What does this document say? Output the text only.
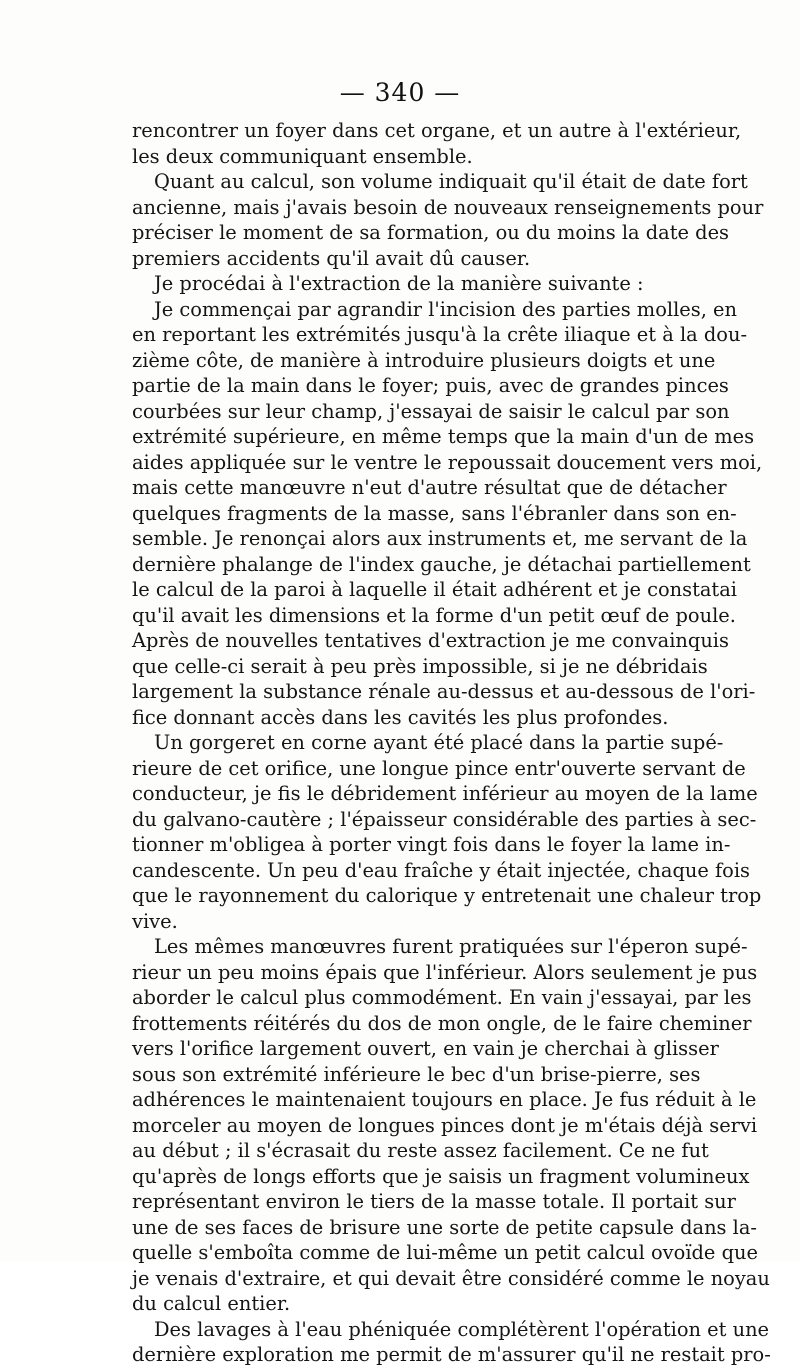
— 340 —
rencontrer un foyer dans cet organe, et un autre à l'extérieur,
les deux communiquant ensemble.
Quant au calcul, son volume indiquait qu'il était de date fort
ancienne, mais j'avais besoin de nouveaux renseignements pour
préciser le moment de sa formation, ou du moins la date des
premiers accidents qu'il avait dû causer.
Je procédai à l'extraction de la manière suivante :
Je commençai par agrandir l'incision des parties molles, en
en reportant les extrémités jusqu'à la crête iliaque et à la dou-
zième côte, de manière à introduire plusieurs doigts et une
partie de la main dans le foyer; puis, avec de grandes pinces
courbées sur leur champ, j'essayai de saisir le calcul par son
extrémité supérieure, en même temps que la main d'un de mes
aides appliquée sur le ventre le repoussait doucement vers moi,
mais cette manœuvre n'eut d'autre résultat que de détacher
quelques fragments de la masse, sans l'ébranler dans son en-
semble. Je renonçai alors aux instruments et, me servant de la
dernière phalange de l'index gauche, je détachai partiellement
le calcul de la paroi à laquelle il était adhérent et je constatai
qu'il avait les dimensions et la forme d'un petit œuf de poule.
Après de nouvelles tentatives d'extraction je me convainquis
que celle-ci serait à peu près impossible, si je ne débridais
largement la substance rénale au-dessus et au-dessous de l'ori-
fice donnant accès dans les cavités les plus profondes.
Un gorgeret en corne ayant été placé dans la partie supé-
rieure de cet orifice, une longue pince entr'ouverte servant de
conducteur, je fis le débridement inférieur au moyen de la lame
du galvano-cautère ; l'épaisseur considérable des parties à sec-
tionner m'obligea à porter vingt fois dans le foyer la lame in-
candescente. Un peu d'eau fraîche y était injectée, chaque fois
que le rayonnement du calorique y entretenait une chaleur trop
vive.
Les mêmes manœuvres furent pratiquées sur l'éperon supé-
rieur un peu moins épais que l'inférieur. Alors seulement je pus
aborder le calcul plus commodément. En vain j'essayai, par les
frottements réitérés du dos de mon ongle, de le faire cheminer
vers l'orifice largement ouvert, en vain je cherchai à glisser
sous son extrémité inférieure le bec d'un brise-pierre, ses
adhérences le maintenaient toujours en place. Je fus réduit à le
morceler au moyen de longues pinces dont je m'étais déjà servi
au début ; il s'écrasait du reste assez facilement. Ce ne fut
qu'après de longs efforts que je saisis un fragment volumineux
représentant environ le tiers de la masse totale. Il portait sur
une de ses faces de brisure une sorte de petite capsule dans la-
quelle s'emboîta comme de lui-même un petit calcul ovoïde que
je venais d'extraire, et qui devait être considéré comme le noyau
du calcul entier.
Des lavages à l'eau phéniquée complétèrent l'opération et une
dernière exploration me permit de m'assurer qu'il ne restait pro-
